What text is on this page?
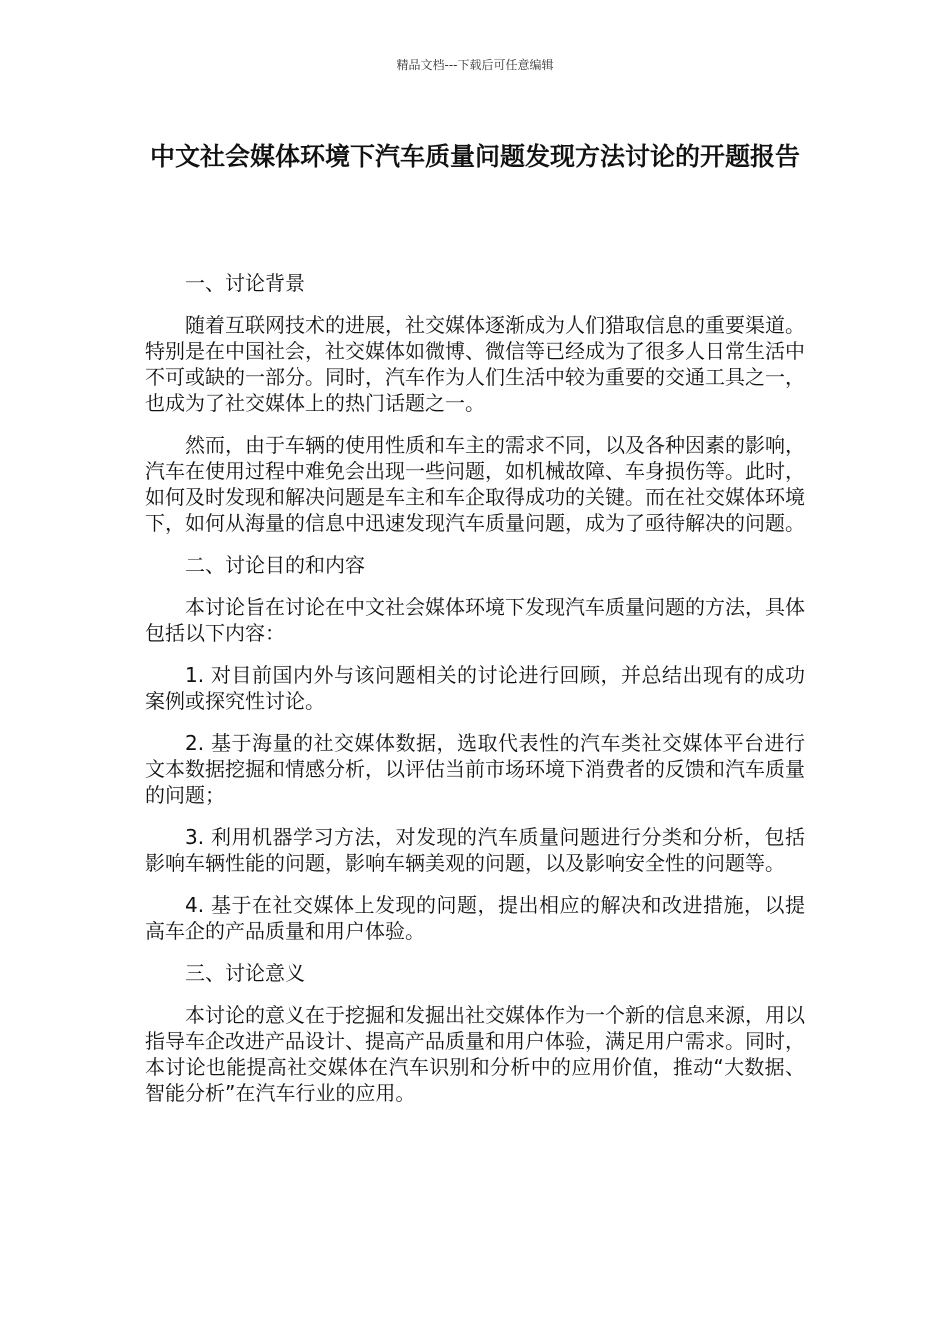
精品文档---下载后可任意编辑
中文社会媒体环境下汽车质量问题发现方法讨论的开题报告

一、讨论背景

随着互联网技术的进展，社交媒体逐渐成为人们猎取信息的重要渠道。特别是在中国社会，社交媒体如微博、微信等已经成为了很多人日常生活中不可或缺的一部分。同时，汽车作为人们生活中较为重要的交通工具之一，也成为了社交媒体上的热门话题之一。

然而，由于车辆的使用性质和车主的需求不同，以及各种因素的影响，汽车在使用过程中难免会出现一些问题，如机械故障、车身损伤等。此时，如何及时发现和解决问题是车主和车企取得成功的关键。而在社交媒体环境下，如何从海量的信息中迅速发现汽车质量问题，成为了亟待解决的问题。

二、讨论目的和内容

本讨论旨在讨论在中文社会媒体环境下发现汽车质量问题的方法，具体包括以下内容：

1. 对目前国内外与该问题相关的讨论进行回顾，并总结出现有的成功案例或探究性讨论。

2. 基于海量的社交媒体数据，选取代表性的汽车类社交媒体平台进行文本数据挖掘和情感分析，以评估当前市场环境下消费者的反馈和汽车质量的问题；

3. 利用机器学习方法，对发现的汽车质量问题进行分类和分析，包括影响车辆性能的问题，影响车辆美观的问题，以及影响安全性的问题等。

4. 基于在社交媒体上发现的问题，提出相应的解决和改进措施，以提高车企的产品质量和用户体验。

三、讨论意义

本讨论的意义在于挖掘和发掘出社交媒体作为一个新的信息来源，用以指导车企改进产品设计、提高产品质量和用户体验，满足用户需求。同时，本讨论也能提高社交媒体在汽车识别和分析中的应用价值，推动“大数据、智能分析”在汽车行业的应用。
